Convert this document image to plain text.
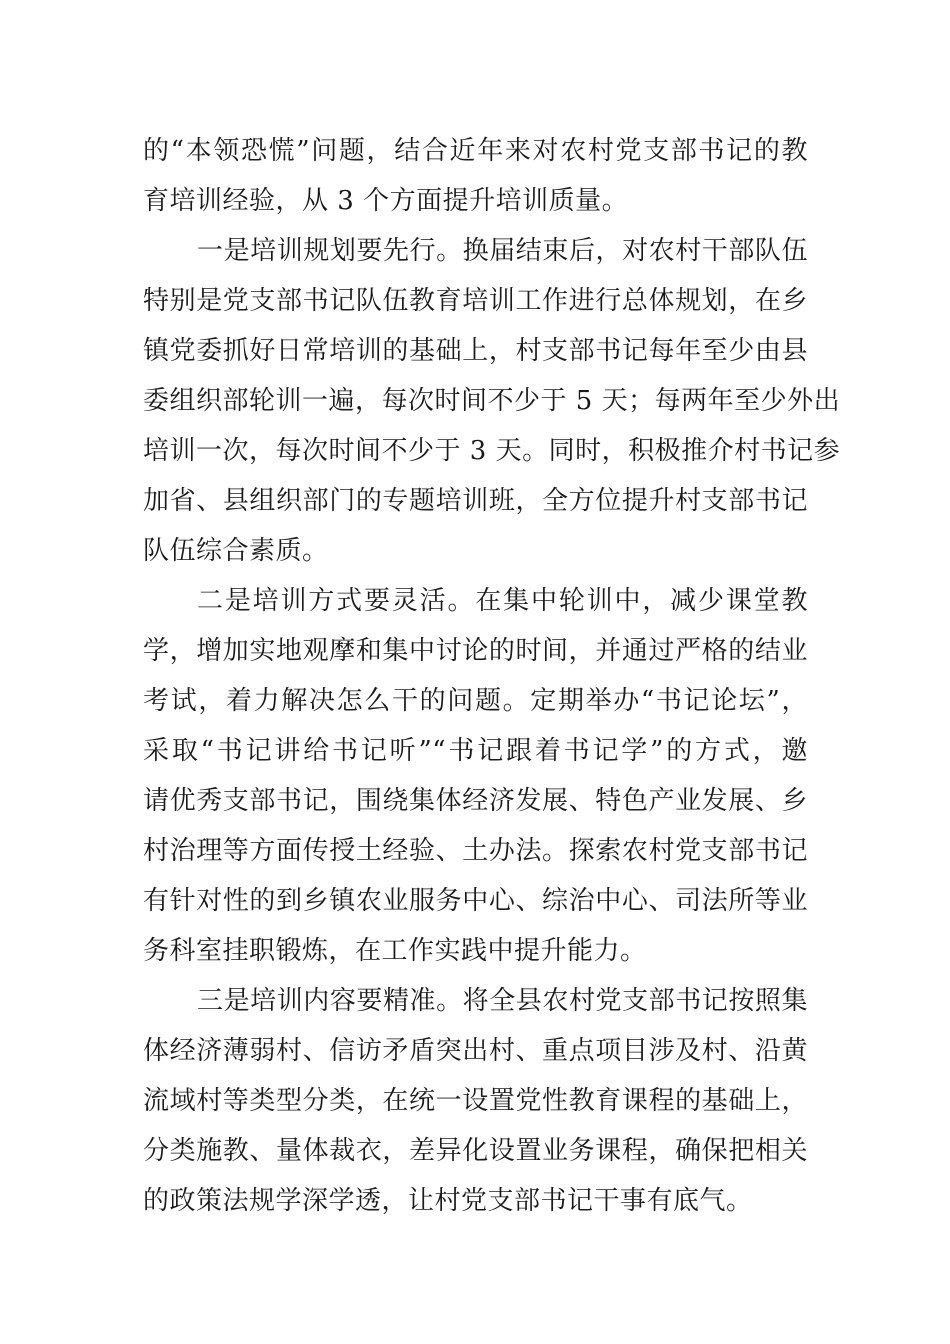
的“本领恐慌”问题，结合近年来对农村党支部书记的教
育培训经验，从 3 个方面提升培训质量。
一是培训规划要先行。换届结束后，对农村干部队伍
特别是党支部书记队伍教育培训工作进行总体规划，在乡
镇党委抓好日常培训的基础上，村支部书记每年至少由县
委组织部轮训一遍，每次时间不少于 5 天；每两年至少外出
培训一次，每次时间不少于 3 天。同时，积极推介村书记参
加省、县组织部门的专题培训班，全方位提升村支部书记
队伍综合素质。
二是培训方式要灵活。在集中轮训中，减少课堂教
学，增加实地观摩和集中讨论的时间，并通过严格的结业
考试，着力解决怎么干的问题。定期举办“书记论坛”，
采取“书记讲给书记听”“书记跟着书记学”的方式，邀
请优秀支部书记，围绕集体经济发展、特色产业发展、乡
村治理等方面传授土经验、土办法。探索农村党支部书记
有针对性的到乡镇农业服务中心、综治中心、司法所等业
务科室挂职锻炼，在工作实践中提升能力。
三是培训内容要精准。将全县农村党支部书记按照集
体经济薄弱村、信访矛盾突出村、重点项目涉及村、沿黄
流域村等类型分类，在统一设置党性教育课程的基础上，
分类施教、量体裁衣，差异化设置业务课程，确保把相关
的政策法规学深学透，让村党支部书记干事有底气。
